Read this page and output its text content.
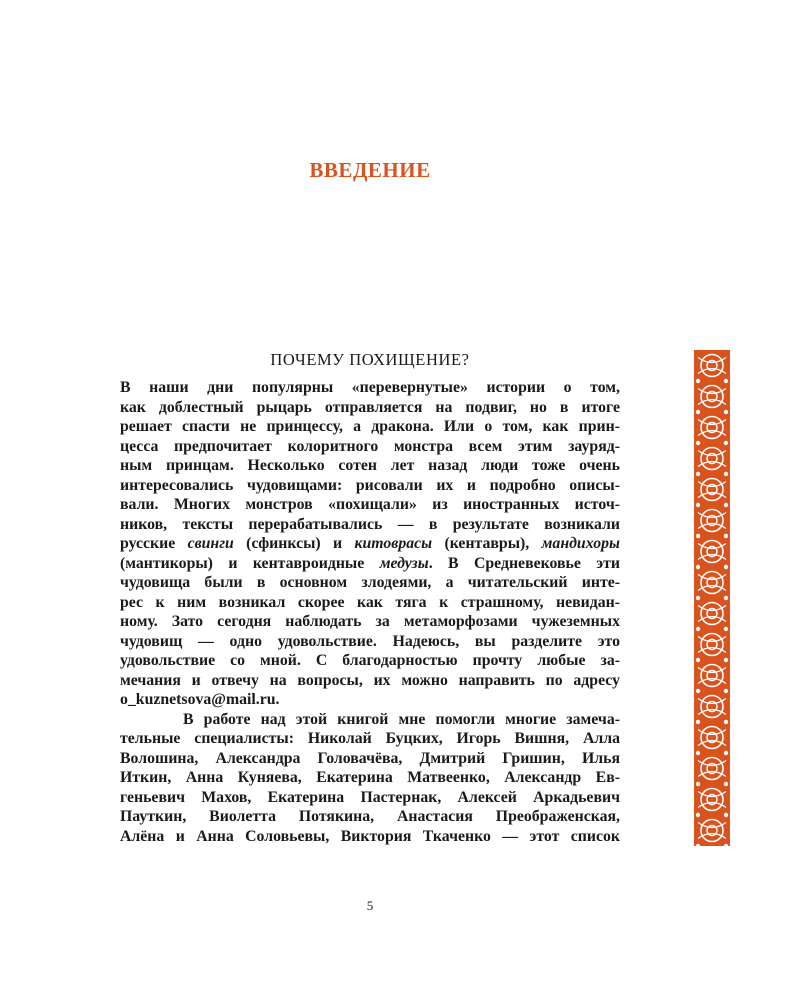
ВВЕДЕНИЕ
ПОЧЕМУ ПОХИЩЕНИЕ?
В наши дни популярны «перевернутые» истории о том,
как доблестный рыцарь отправляется на подвиг, но в итоге
решает спасти не принцессу, а дракона. Или о том, как прин-
цесса предпочитает колоритного монстра всем этим зауряд-
ным принцам. Несколько сотен лет назад люди тоже очень
интересовались чудовищами: рисовали их и подробно описы-
вали. Многих монстров «похищали» из иностранных источ-
ников, тексты перерабатывались — в результате возникали
русские свинги (сфинксы) и китоврасы (кентавры), мандихоры
(мантикоры) и кентавроидные медузы. В Средневековье эти
чудовища были в основном злодеями, а читательский инте-
рес к ним возникал скорее как тяга к страшному, невидан-
ному. Зато сегодня наблюдать за метаморфозами чужеземных
чудовищ — одно удовольствие. Надеюсь, вы разделите это
удовольствие со мной. С благодарностью прочту любые за-
мечания и отвечу на вопросы, их можно направить по адресу
o_kuznetsova@mail.ru.
В работе над этой книгой мне помогли многие замеча-
тельные специалисты: Николай Буцких, Игорь Вишня, Алла
Волошина, Александра Головачёва, Дмитрий Гришин, Илья
Иткин, Анна Куняева, Екатерина Матвеенко, Александр Ев-
геньевич Махов, Екатерина Пастернак, Алексей Аркадьевич
Пауткин, Виолетта Потякина, Анастасия Преображенская,
Алёна и Анна Соловьевы, Виктория Ткаченко — этот список
5
